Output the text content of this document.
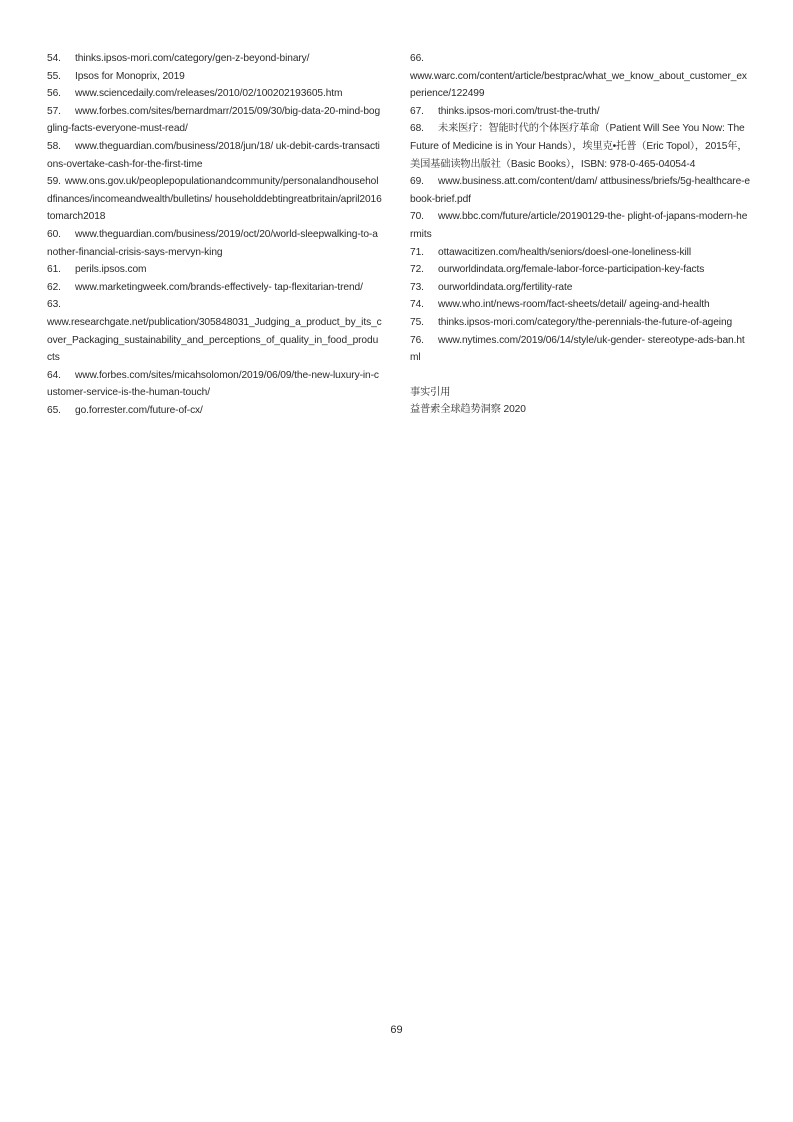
54. thinks.ipsos-mori.com/category/gen-z-beyond-binary/

55. Ipsos for Monoprix, 2019

56. www.sciencedaily.com/releases/2010/02/100202193605.htm

57. www.forbes.com/sites/bernardmarr/2015/09/30/big-data-20-mind-boggling-facts-everyone-must-read/

58. www.theguardian.com/business/2018/jun/18/ uk-debit-cards-transactions-overtake-cash-for-the-first-time

59. www.ons.gov.uk/peoplepopulationandcommunity/personalandhouseholdfinances/incomeandwealth/bulletins/ householddebtingreatbritain/april2016tomarch2018

60. www.theguardian.com/business/2019/oct/20/world-sleepwalking-to-another-financial-crisis-says-mervyn-king

61. perils.ipsos.com

62. www.marketingweek.com/brands-effectively- tap-flexitarian-trend/

63.

www.researchgate.net/publication/305848031_Judging_a_product_by_its_cover_Packaging_sustainability_and_perceptions_of_quality_in_food_products

64. www.forbes.com/sites/micahsolomon/2019/06/09/the-new-luxury-in-customer-service-is-the-human-touch/

65. go.forrester.com/future-of-cx/

66.

www.warc.com/content/article/bestprac/what_we_know_about_customer_experience/122499

67. thinks.ipsos-mori.com/trust-the-truth/

68. 未来医疗：智能时代的个体医疗革命（Patient Will See You Now: The Future of Medicine is in Your Hands），埃里克•托普（Eric Topol），2015年，美国基础读物出版社（Basic Books），ISBN: 978-0-465-04054-4

69. www.business.att.com/content/dam/ attbusiness/briefs/5g-healthcare-ebook-brief.pdf

70. www.bbc.com/future/article/20190129-the- plight-of-japans-modern-hermits

71. ottawacitizen.com/health/seniors/doesl-one-loneliness-kill

72. ourworldindata.org/female-labor-force-participation-key-facts

73. ourworldindata.org/fertility-rate

74. www.who.int/news-room/fact-sheets/detail/ ageing-and-health

75. thinks.ipsos-mori.com/category/the-perennials-the-future-of-ageing

76. www.nytimes.com/2019/06/14/style/uk-gender- stereotype-ads-ban.html

事实引用

益普索全球趋势洞察 2020

69
